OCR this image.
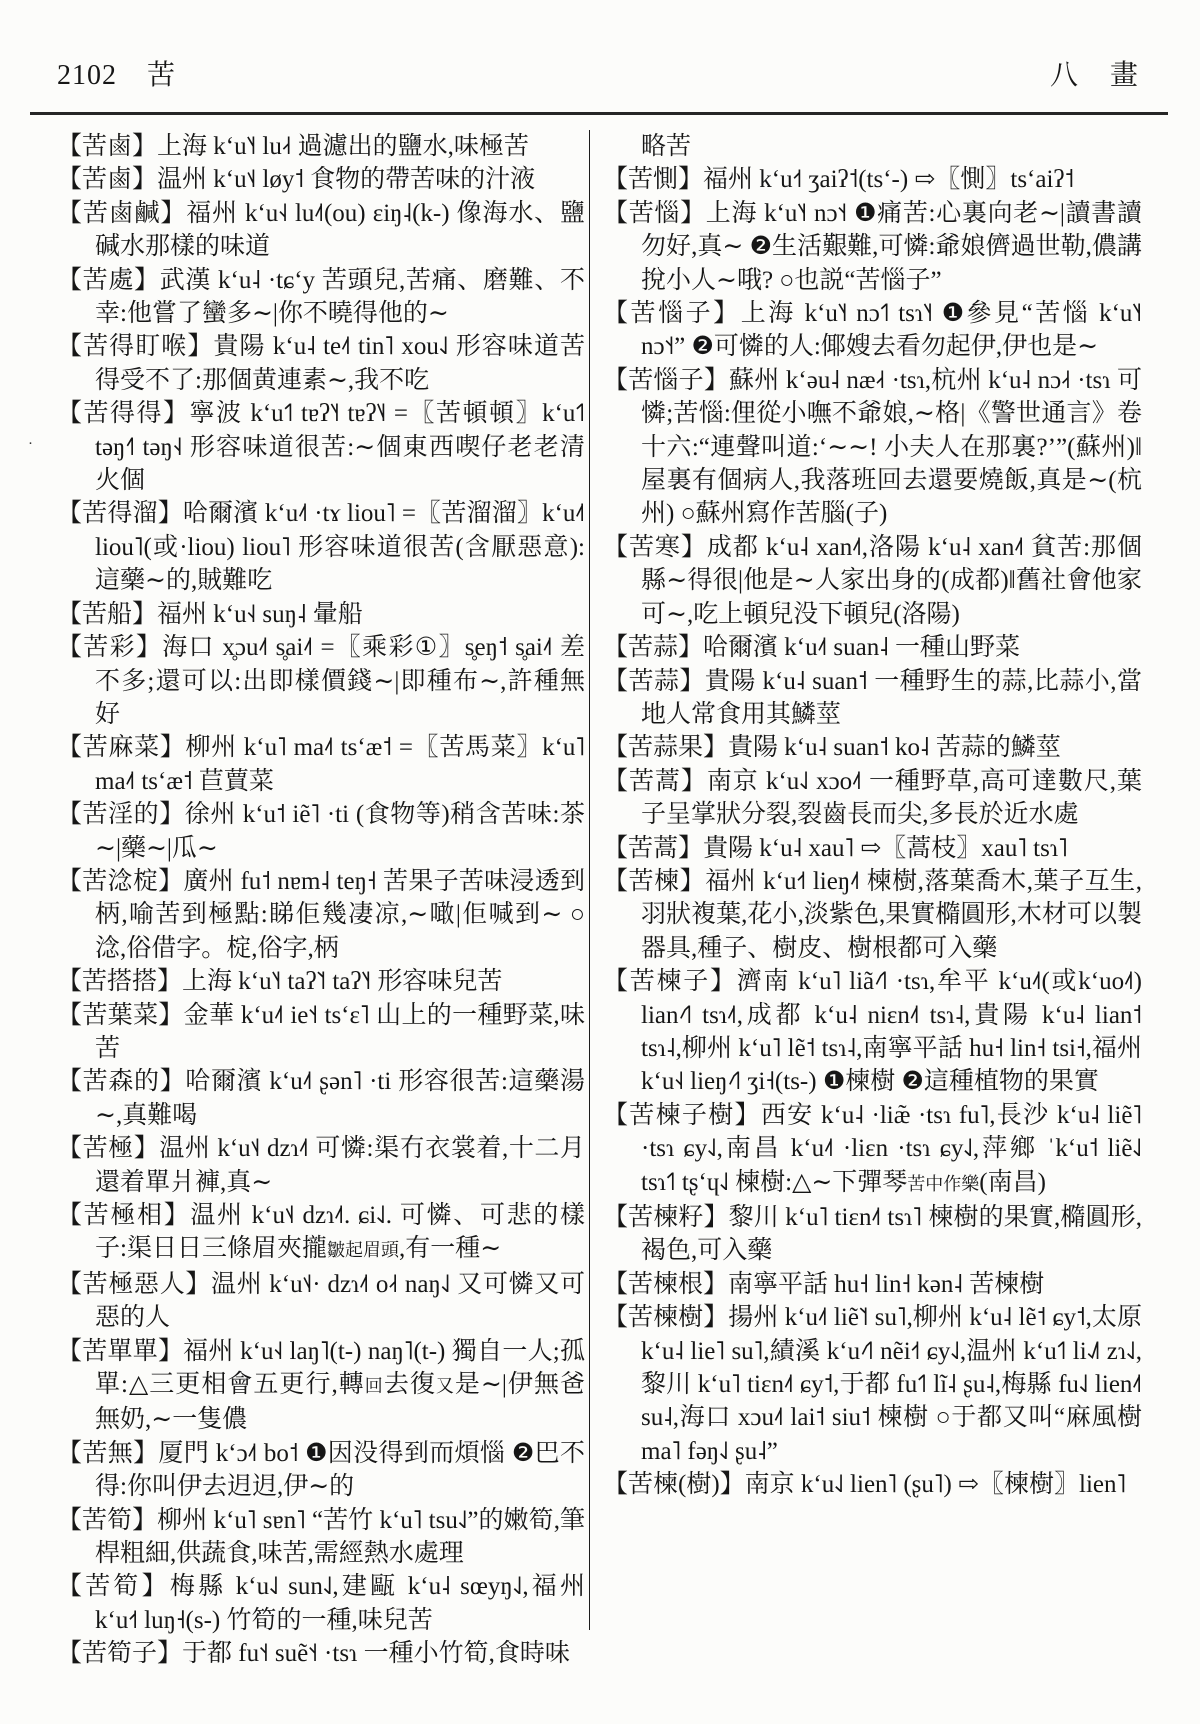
2102 苦	八　畫
·

【苦鹵】上海 kʻu˥˧ lu˨˧ 過濾出的鹽水,味極苦

【苦鹵】温州 kʻu˦˨ løy˦ 食物的帶苦味的汁液

【苦鹵鹹】福州 kʻu˧˨ lu˨˦(ou) ɛiŋ˨(k-) 像海水、鹽碱水那樣的味道

【苦處】武漢 kʻu˨ ·tɕʻy 苦頭兒,苦痛、磨難、不幸:他嘗了蠻多∼|你不曉得他的∼

【苦得盯喉】貴陽 kʻu˨ te˨˦ tin˥ xou˨˩ 形容味道苦得受不了:那個黄連素∼,我不吃

【苦得得】寧波 kʻu˦˥ tɐʔ˥˧ tɐʔ˥˨ =〖苦頓頓〗kʻu˦˥ təŋ˧˥ təŋ˧˨ 形容味道很苦:∼個東西喫仔老老清火個

【苦得溜】哈爾濱 kʻu˨˦ ·tɤ liou˥ =〖苦溜溜〗kʻu˨˦ liou˥(或·liou) liou˥ 形容味道很苦(含厭惡意):這藥∼的,賊難吃

【苦船】福州 kʻu˧˨ suŋ˨ 暈船

【苦彩】海口 x̥ɔu˨˦ s̥ai˨˦ =〖乘彩①〗s̥eŋ˦ s̥ai˨˦ 差不多;還可以:出即樣價錢∼|即種布∼,許種無好

【苦麻菜】柳州 kʻu˥ ma˨˦ tsʻæ˦ =〖苦馬菜〗kʻu˥ ma˨˦ tsʻæ˦ 苣蕒菜

【苦淫的】徐州 kʻu˦ iẽ˥ ·ti (食物等)稍含苦味:茶∼|藥∼|瓜∼

【苦淰椗】廣州 fu˦ nɐm˨ teŋ˧ 苦果子苦味浸透到柄,喻苦到極點:睇佢幾凄凉,∼噉|佢喊到∼ ○淰,俗借字。椗,俗字,柄

【苦搭搭】上海 kʻu˥˧ taʔ˥˦ taʔ˥˧ 形容味兒苦

【苦葉菜】金華 kʻu˨˦ ie˦˧ tsʻɛ˥ 山上的一種野菜,味苦

【苦森的】哈爾濱 kʻu˨˦ ʂən˥ ·ti 形容很苦:這藥湯∼,真難喝

【苦極】温州 kʻu˦˨ dzɿ˨˦ 可憐:渠冇衣裳着,十二月還着單爿褲,真∼

【苦極相】温州 kʻu˦˨ dzɿ˨˦. ɕi˨˩. 可憐、可悲的樣子:渠日日三條眉夾攏皺起眉頭,有一種∼

【苦極惡人】温州 kʻu˦˨· dzɿ˨˦ o˨˧ naŋ˨˩ 又可憐又可惡的人

【苦單單】福州 kʻu˧˨ laŋ˥(t-) naŋ˥(t-) 獨自一人;孤單:△三更相會五更行,轉回去復又是∼|伊無爸無奶,∼一隻儂

【苦無】厦門 kʻɔ˨˦ bo˦ ❶因没得到而煩惱 ❷巴不得:你叫伊去迌迌,伊∼的

【苦筍】柳州 kʻu˥ sɐn˥ “苦竹 kʻu˥ tsu˨˩”的嫩筍,筆桿粗細,供蔬食,味苦,需經熱水處理

【苦筍】梅縣 kʻu˨˩ sun˨˩,建甌 kʻu˨ sœyŋ˨˩,福州 kʻu˧˦ luŋ˧(s-) 竹筍的一種,味兒苦

【苦筍子】于都 fu˦˧ suẽ˦˧ ·tsɿ 一種小竹筍,食時味

略苦

【苦惻】福州 kʻu˧˦ ʒaiʔ˦(tsʻ-) ⇨〖惻〗tsʻaiʔ˦

【苦惱】上海 kʻu˥˧ nɔ˦˧ ❶痛苦:心裏向老∼|讀書讀勿好,真∼ ❷生活艱難,可憐:爺娘儕過世勒,儂講挩小人∼哦? ○也説“苦惱子”

【苦惱子】上海 kʻu˥˧ nɔ˦˥ tsɿ˥˧ ❶參見“苦惱 kʻu˥˧ nɔ˦˧” ❷可憐的人:倻嫂去看勿起伊,伊也是∼

【苦惱子】蘇州 kʻəu˨ næ˨˧ ·tsɿ,杭州 kʻu˨ nɔ˨˧ ·tsɿ 可憐;苦惱:俚從小嘸不爺娘,∼格|《警世通言》卷十六:“連聲叫道:‘∼∼! 小夫人在那裏?’”(蘇州)‖屋裏有個病人,我落班回去還要燒飯,真是∼(杭州) ○蘇州寫作苦腦(子)

【苦寒】成都 kʻu˨ xan˨˦,洛陽 kʻu˨ xan˨˦ 貧苦:那個縣∼得很|他是∼人家出身的(成都)‖舊社會他家可∼,吃上頓兒没下頓兒(洛陽)

【苦蒜】哈爾濱 kʻu˨˦ suan˨ 一種山野菜

【苦蒜】貴陽 kʻu˨ suan˦ 一種野生的蒜,比蒜小,當地人常食用其鱗莖

【苦蒜果】貴陽 kʻu˨ suan˦ ko˨ 苦蒜的鱗莖

【苦蒿】南京 kʻu˨˩ xɔo˨˦ 一種野草,高可達數尺,葉子呈掌狀分裂,裂齒長而尖,多長於近水處

【苦蒿】貴陽 kʻu˨ xau˥ ⇨〖蒿枝〗xau˥ tsɿ˥

【苦楝】福州 kʻu˧˦ lieŋ˨˦ 楝樹,落葉喬木,葉子互生,羽狀複葉,花小,淡紫色,果實橢圓形,木材可以製器具,種子、樹皮、樹根都可入藥

【苦楝子】濟南 kʻu˥ liã˨˦˥ ·tsɿ,牟平 kʻu˨˦(或kʻuo˨˦) lian˨˦˥ tsɿ˨˦,成都 kʻu˨ niɛn˨˦ tsɿ˨,貴陽 kʻu˨ lian˦ tsɿ˨,柳州 kʻu˥ lẽ˦ tsɿ˨,南寧平話 hu˧ lin˧ tsi˧,福州 kʻu˧˨ lieŋ˨˦˥ ʒi˧(ts-) ❶楝樹 ❷這種植物的果實

【苦楝子樹】西安 kʻu˨ ·liæ̃ ·tsɿ fu˥,長沙 kʻu˨ liẽ˥ ·tsɿ ɕy˨˩,南昌 kʻu˨˦ ·liɛn ·tsɿ ɕy˨˩,萍鄉 ˈkʻu˦ liẽ˨˩ tsɿ˦˥ tʂʻɥ˨˩ 楝樹:△∼下彈琴苦中作樂(南昌)

【苦楝籽】黎川 kʻu˥ tiɛn˨˦ tsɿ˥ 楝樹的果實,橢圓形,褐色,可入藥

【苦楝根】南寧平話 hu˧ lin˧ kən˨ 苦楝樹

【苦楝樹】揚州 kʻu˨˦ liẽ˥˦ su˥,柳州 kʻu˨ lẽ˦ ɕy˦,太原 kʻu˨ lie˥ su˥,績溪 kʻu˨˦˥ nẽi˧˦ ɕy˨˩,温州 kʻu˦˥ li˨˩˥ zɿ˨˩,黎川 kʻu˥ tiɛn˨˦ ɕy˦,于都 fu˦˥ lĩ˨ ʂu˨,梅縣 fu˨˩ lien˨˦ su˨,海口 xɔu˨˦ lai˦ siu˦ 楝樹 ○于都又叫“麻風樹 ma˥ fəŋ˨˩ ʂu˨”

【苦楝(樹)】南京 kʻu˨˩ lien˥ (ʂu˥) ⇨〖楝樹〗lien˥
